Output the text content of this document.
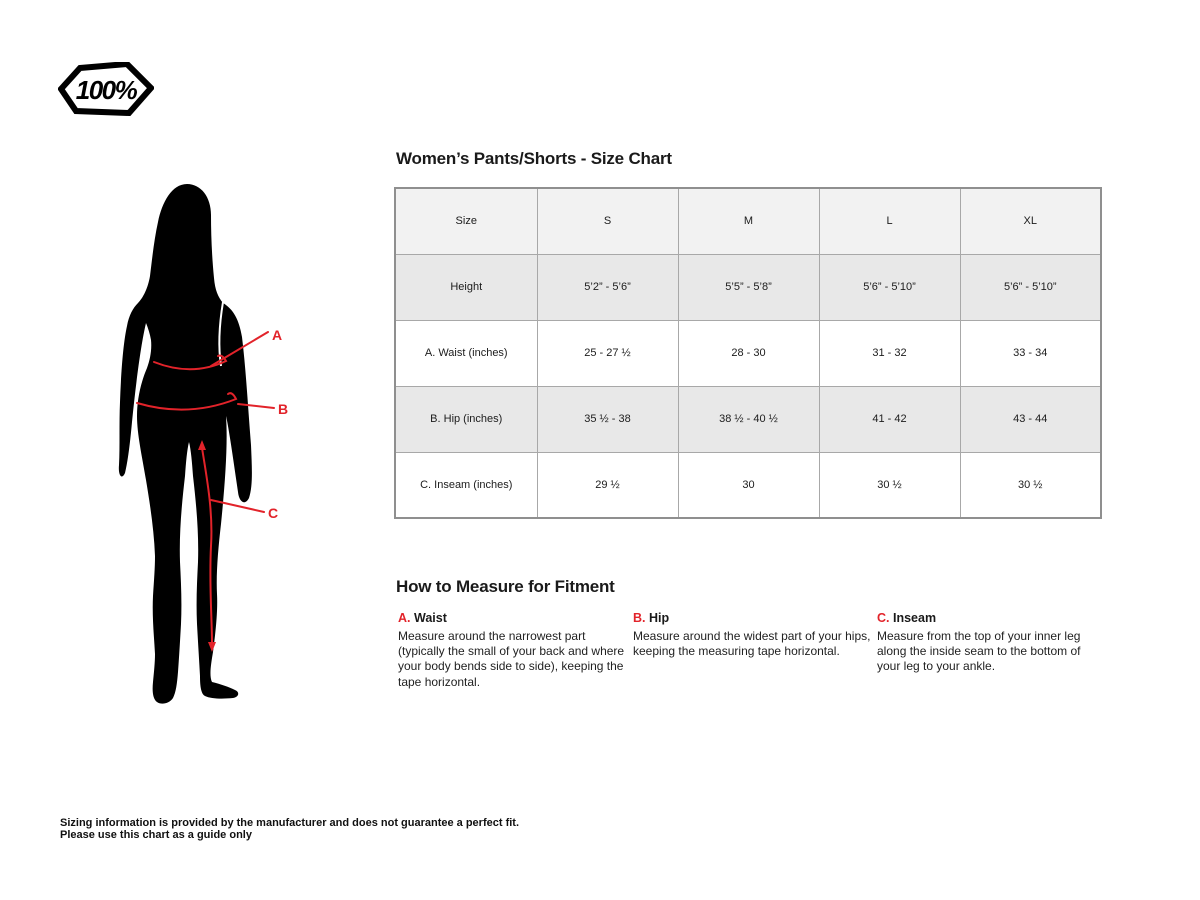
100%
A
B
C
Women’s Pants/Shorts - Size Chart
Size	S	M	L	XL
Height	5’2” - 5’6”	5’5” - 5’8”	5’6” - 5’10”	5’6” - 5’10”
A. Waist (inches)	25 - 27 ½	28 - 30	31 - 32	33 - 34
B. Hip (inches)	35 ½ - 38	38 ½ - 40 ½	41 - 42	43 - 44
C. Inseam (inches)	29 ½	30	30 ½	30 ½
How to Measure for Fitment
A. Waist

Measure around the narrowest part (typically the small of your back and where your body bends side to side), keeping the tape horizontal.

B. Hip

Measure around the widest part of your hips, keeping the measuring tape horizontal.

C. Inseam

Measure from the top of your inner leg along the inside seam to the bottom of your leg to your ankle.

Sizing information is provided by the manufacturer and does not guarantee a perfect fit.
Please use this chart as a guide only
